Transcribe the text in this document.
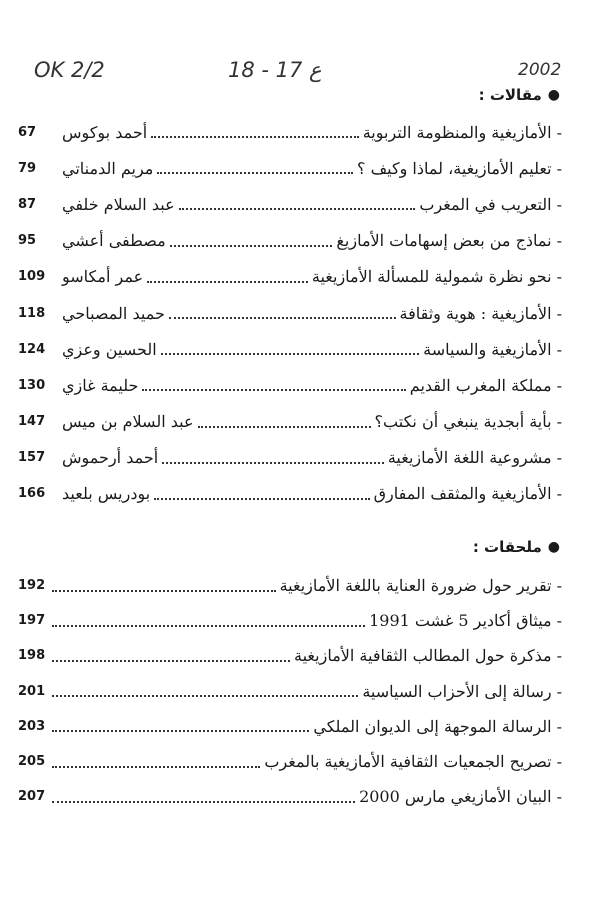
OK 2/2	18 - 17 ع	2002
●
مقالات :
-
الأمازيغية والمنظومة التربوية
أحمد بوكوس
67
-
تعليم الأمازيغية، لماذا وكيف ؟
مريم الدمناتي
79
-
التعريب في المغرب
عبد السلام خلفي
87
-
نماذج من بعض إسهامات الأمازيغ
مصطفى أعشي
95
-
نحو نظرة شمولية للمسألة الأمازيغية
عمر أمكاسو
109
-
الأمازيغية : هوية وثقافة
حميد المصباحي
118
-
الأمازيغية والسياسة
الحسين وعزي
124
-
مملكة المغرب القديم
حليمة غازي
130
-
بأية أبجدية ينبغي أن نكتب؟
عبد السلام بن ميس
147
-
مشروعية اللغة الأمازيغية
أحمد أرحموش
157
-
الأمازيغية والمثقف المفارق
بودريس بلعيد
166
●
ملحقات :
-
تقرير حول ضرورة العناية باللغة الأمازيغية
192
-
ميثاق أكادير 5 غشت 1991
197
-
مذكرة حول المطالب الثقافية الأمازيغية
198
-
رسالة إلى الأحزاب السياسية
201
-
الرسالة الموجهة إلى الديوان الملكي
203
-
تصريح الجمعيات الثقافية الأمازيغية بالمغرب
205
-
البيان الأمازيغي مارس 2000
207
